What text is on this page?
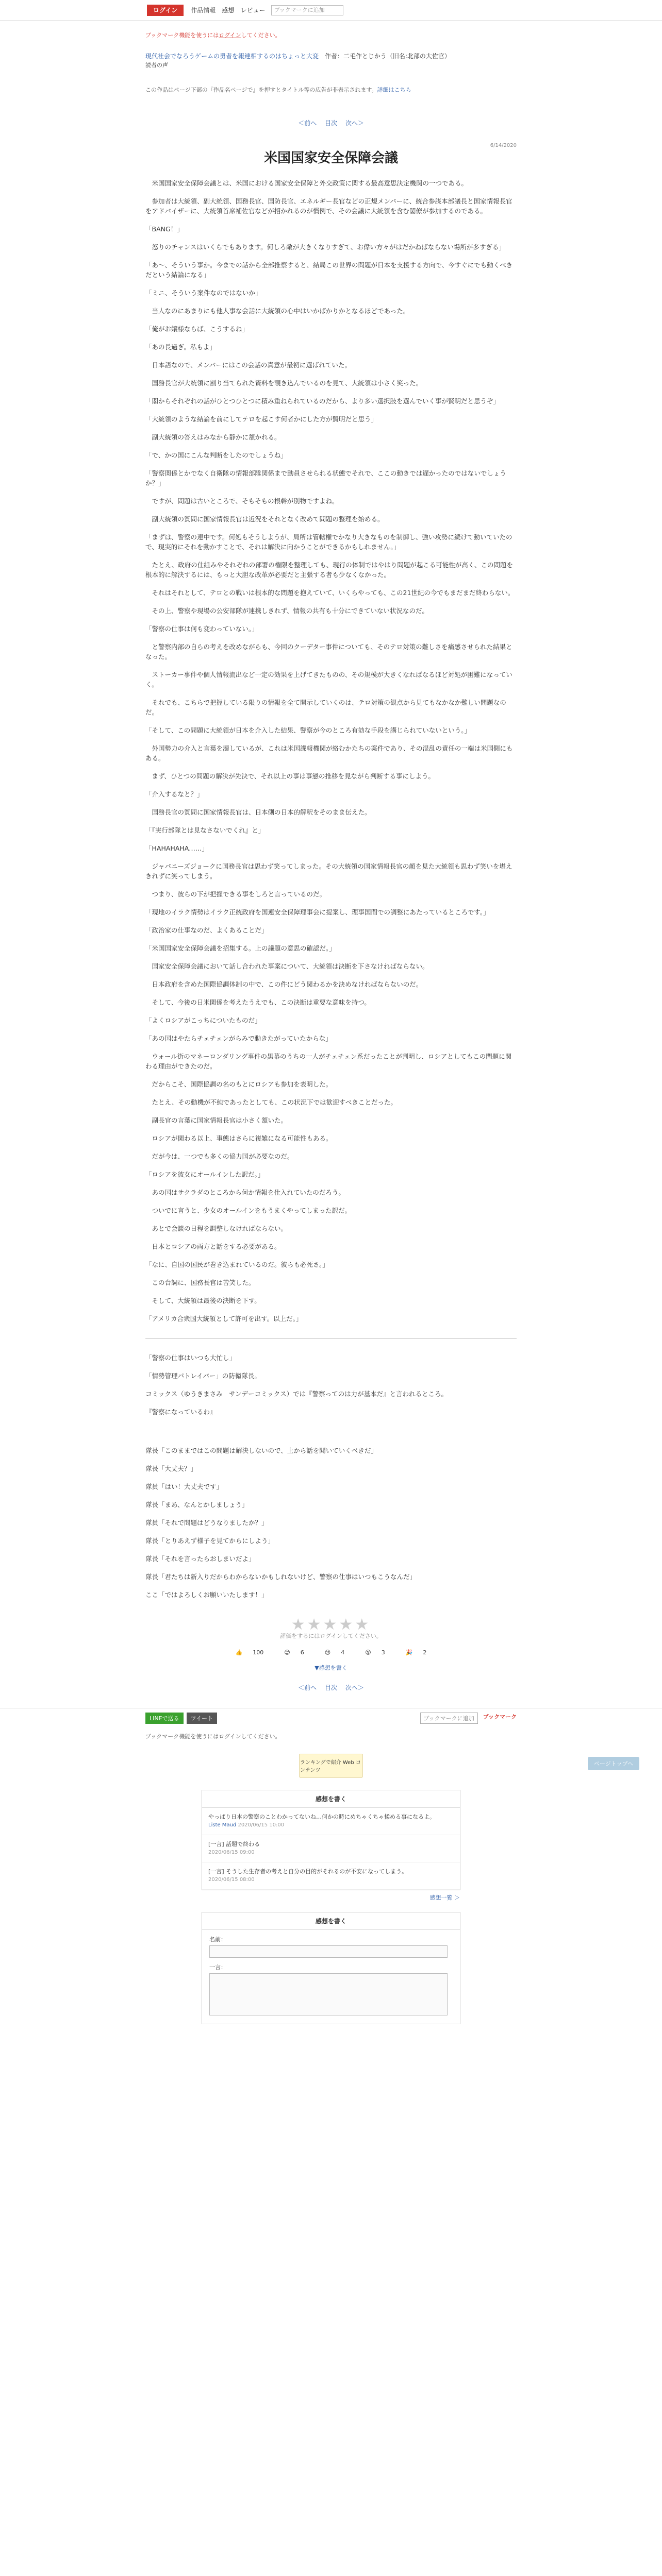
ログイン	作品情報 感想 レビュー	ブックマークに追加
ブックマーク機能を使うにはログインしてください。
現代社会でなろうゲームの勇者を報連相するのはちょっと大変 作者：二毛作とじかう（旧名:北部の大佐官）
読者の声
この作品はページ下部の『作品名ページで』を押すとタイトル等の広告が非表示されます。詳細はこちら
＜前へ 目次 次へ＞
6/14/2020
米国国家安全保障会議

　米国国家安全保障会議とは、米国における国家安全保障と外交政策に関する最高意思決定機関の一つである。

　参加者は大統領、副大統領、国務長官、国防長官、エネルギー長官などの正規メンバーに、統合参謀本部議長と国家情報長官をアドバイザーに、大統領首席補佐官などが招かれるのが慣例で、その会議に大統領を含む閣僚が参加するのである。

「BANG！」

　怒りのチャンスはいくらでもあります。何しろ敵が大きくなりすぎて、お偉い方々がはだかねばならない場所が多すぎる」

「あ〜、そういう事か。今までの話から全部推察すると、結局この世界の問題が日本を支援する方向で、今すぐにでも動くべきだという結論になる」

「ミニ、そういう案件なのではないか」

　当人なのにあまりにも他人事な会話に大統領の心中はいかばかりかとなるほどであった。

「俺がお嬢様ならば、こうするね」

「あの長過ぎ。私もよ」

　日本語なので、メンバーにはこの会話の真意が最初に選ばれていた。

　国務長官が大統領に割り当てられた資料を覗き込んでいるのを見て、大統領は小さく笑った。

「閣からそれぞれの話がひとつひとつに積み重ねられているのだから、より多い選択肢を選んでいく事が賢明だと思うぞ」

「大統領のような結論を前にしてテロを起こす何者かにした方が賢明だと思う」

　副大統領の答えはみなから静かに頷かれる。

「で、かの国にこんな判断をしたのでしょうね」

「警察関係とかでなく自衛隊の情報部隊関係まで動員させられる状態でそれで、ここの動きでは遅かったのではないでしょうか？」

　ですが、問題は古いところで、そもそもの根幹が別物ですよね。

　副大統領の質問に国家情報長官は近況をそれとなく改めて問題の整理を始める。

「まずは、警察の連中です。何処もそうしようが、局所は管轄権でかなり大きなものを制御し、強い攻勢に続けて動いていたので、現実的にそれを動かすことで、それは解決に向かうことができるかもしれません。」

　たとえ、政府の仕組みやそれぞれの部署の権限を整理しても、現行の体制ではやはり問題が起こる可能性が高く、この問題を根本的に解決するには、もっと大胆な改革が必要だと主張する者も少なくなかった。

　それはそれとして、テロとの戦いは根本的な問題を抱えていて、いくらやっても、この21世紀の今でもまだまだ終わらない。

　その上、警察や現場の公安部隊が連携しきれず、情報の共有も十分にできていない状況なのだ。

「警察の仕事は何も変わっていない。」

　と警察内部の自らの考えを改めながらも、今回のクーデター事件についても、そのテロ対策の難しさを痛感させられた結果となった。

　ストーカー事件や個人情報流出など一定の効果を上げてきたものの、その規模が大きくなればなるほど対処が困難になっていく。

　それでも、こちらで把握している限りの情報を全て開示していくのは、テロ対策の観点から見てもなかなか難しい問題なのだ。

「そして、この問題に大統領が日本を介入した結果、警察が今のところ有効な手段を講じられていないという。」

　外国勢力の介入と言葉を濁しているが、これは米国諜報機関が絡むかたちの案件であり、その混乱の責任の一端は米国側にもある。

　まず、ひとつの問題の解決が先決で、それ以上の事は事態の推移を見ながら判断する事にしよう。

「介入するなと？」

　国務長官の質問に国家情報長官は、日本側の日本的解釈をそのまま伝えた。

「『実行部隊とは見なさないでくれ』と」

「HAHAHAHA……」

　ジャパニーズジョークに国務長官は思わず笑ってしまった。その大統領の国家情報長官の顔を見た大統領も思わず笑いを堪えきれずに笑ってしまう。

　つまり、彼らの下が把握できる事をしろと言っているのだ。

「現地のイラク情勢はイラク正統政府を国連安全保障理事会に提案し、理事国間での調整にあたっているところです。」

「政治家の仕事なのだ、よくあることだ」

「米国国家安全保障会議を招集する。上の議題の意思の確認だ。」

　国家安全保障会議において話し合われた事案について、大統領は決断を下さなければならない。

　日本政府を含めた国際協調体制の中で、この件にどう関わるかを決めなければならないのだ。

　そして、今後の日米関係を考えたうえでも、この決断は重要な意味を持つ。

「よくロシアがこっちについたものだ」

「あの国はやたらチェチェンがらみで動きたがっていたからな」

　ウォール街のマネーロンダリング事件の黒幕のうちの一人がチェチェン系だったことが判明し、ロシアとしてもこの問題に関わる理由ができたのだ。

　だからこそ、国際協調の名のもとにロシアも参加を表明した。

　たとえ、その動機が不純であったとしても、この状況下では歓迎すべきことだった。

　副長官の言葉に国家情報長官は小さく頷いた。

　ロシアが関わる以上、事態はさらに複雑になる可能性もある。

　だが今は、一つでも多くの協力国が必要なのだ。

「ロシアを彼女にオールインした訳だ。」

　あの国はサクラダのところから何か情報を仕入れていたのだろう。

　ついでに言うと、少女のオールインをもうまくやってしまった訳だ。

　あとで会談の日程を調整しなければならない。

　日本とロシアの両方と話をする必要がある。

「なに、自国の国民が巻き込まれているのだ。彼らも必死さ。」

　この台詞に、国務長官は苦笑した。

　そして、大統領は最後の決断を下す。

「アメリカ合衆国大統領として許可を出す。以上だ。」

「警察の仕事はいつも大忙し」

「情勢管理パトレイバー」の防衛隊長。

コミックス（ゆうきまさみ　サンデーコミックス）では『警察ってのは力が基本だ』と言われるところ。

『警察になっているわ』

隊長「このままではこの問題は解決しないので、上から話を聞いていくべきだ」

隊長「大丈夫？」

隊員「はい！大丈夫です」

隊長「まあ、なんとかしましょう」

隊員「それで問題はどうなりましたか？」

隊長「とりあえず様子を見てからにしよう」

隊長「それを言ったらおしまいだよ」

隊長「君たちは新入りだからわからないかもしれないけど、警察の仕事はいつもこうなんだ」

ここ「ではよろしくお願いいたします！」

★★★★★
評価をするにはログインしてください。
👍 100	😊 6	😢 4	😮 3	🎉 2
▼感想を書く
＜前へ 目次 次へ＞
ページトップへ
LINEで送る	ツイート	ブックマークに追加	ブックマーク
ブックマーク機能を使うにはログインしてください。
ランキングで紹介 Web コンテンツ
感想を書く
やっぱり日本の警察のことわかってないね…何かの時にめちゃくちゃ揉める事になるよ。
Liste Maud 2020/06/15 10:00
[一言] 話題で終わる
2020/06/15 09:00
[一言] そうした生存者の考えと自分の目的がそれるのが不安になってしまう。
2020/06/15 08:00
感想一覧 ＞
感想を書く
名前：
一言：
